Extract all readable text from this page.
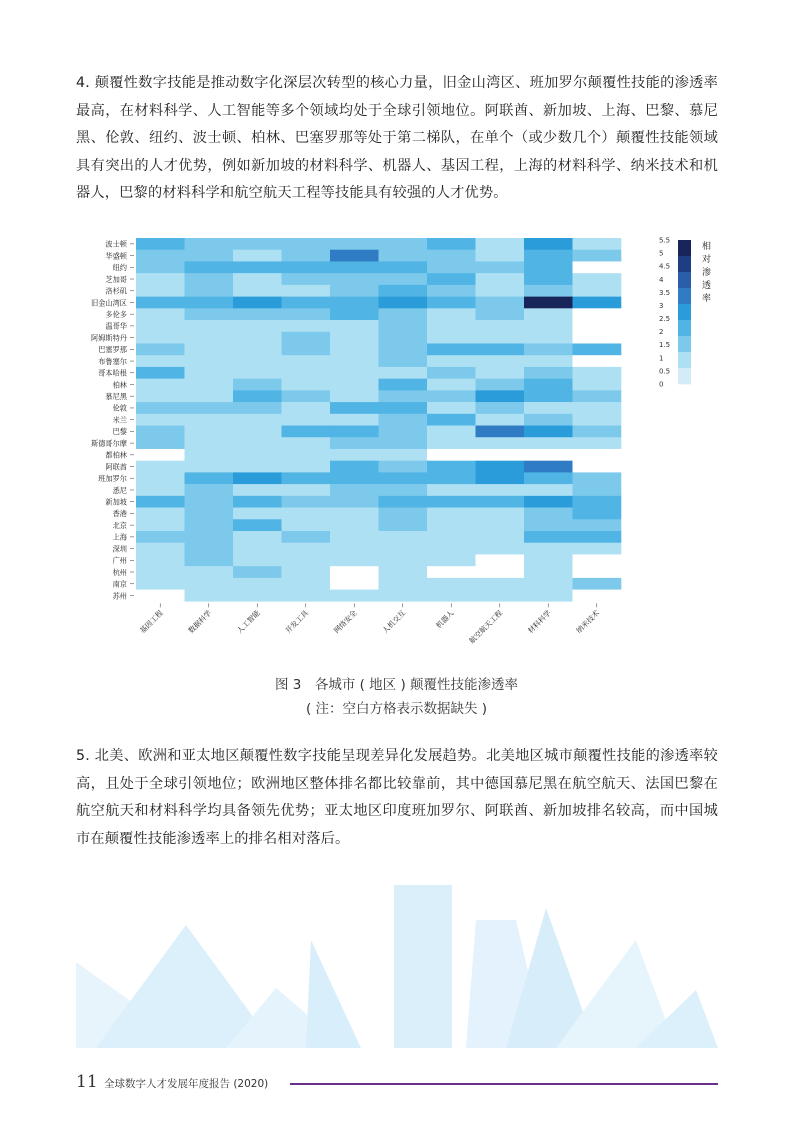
4. 颠覆性数字技能是推动数字化深层次转型的核心力量，旧金山湾区、班加罗尔颠覆性技能的渗透率最高，在材料科学、人工智能等多个领域均处于全球引领地位。阿联酋、新加坡、上海、巴黎、慕尼黑、伦敦、纽约、波士顿、柏林、巴塞罗那等处于第二梯队，在单个（或少数几个）颠覆性技能领域具有突出的人才优势，例如新加坡的材料科学、机器人、基因工程，上海的材料科学、纳米技术和机器人，巴黎的材料科学和航空航天工程等技能具有较强的人才优势。

波士顿
华盛顿
纽约
芝加哥
洛杉矶
旧金山湾区
多伦多
温哥华
阿姆斯特丹
巴塞罗那
布鲁塞尔
哥本哈根
柏林
慕尼黑
伦敦
米兰
巴黎
斯德哥尔摩
都柏林
阿联酋
班加罗尔
悉尼
新加坡
香港
北京
上海
深圳
广州
杭州
南京
苏州
基因工程	数据科学	人工智能	开发工具	网络安全	人机交互	机器人 航空航天工程	材料科学	纳米技术
5.5
5
4.5
4
3.5
3
2.5
2
1.5
1
0.5
0
相
对
渗
透
率
图 3　各城市 ( 地区 ) 颠覆性技能渗透率
( 注：空白方格表示数据缺失 )

5. 北美、欧洲和亚太地区颠覆性数字技能呈现差异化发展趋势。北美地区城市颠覆性技能的渗透率较高，且处于全球引领地位；欧洲地区整体排名都比较靠前，其中德国慕尼黑在航空航天、法国巴黎在航空航天和材料科学均具备领先优势；亚太地区印度班加罗尔、阿联酋、新加坡排名较高，而中国城市在颠覆性技能渗透率上的排名相对落后。

11 全球数字人才发展年度报告 (2020)
